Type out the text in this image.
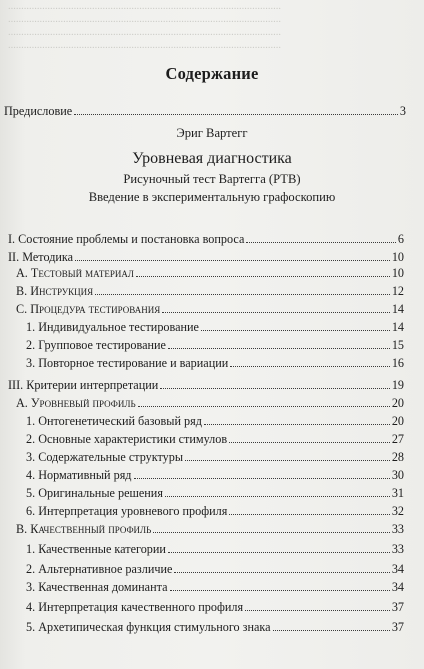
........................................................................................................
........................................................................................................
........................................................................................................
........................................................................................................
Содержание
Предисловие	3

Эриг Вартегг

Уровневая диагностика

Рисуночный тест Вартегга (РТВ)

Введение в экспериментальную графоскопию

I. Состояние проблемы и постановка вопроса	6
II. Методика	10
А. Тестовый материал	10
В. Инструкция	12
С. Процедура тестирования	14
1. Индивидуальное тестирование	14
2. Групповое тестирование	15
3. Повторное тестирование и вариации	16
III. Критерии интерпретации	19
А. Уровневый профиль	20
1. Онтогенетический базовый ряд	20
2. Основные характеристики стимулов	27
3. Содержательные структуры	28
4. Нормативный ряд	30
5. Оригинальные решения	31
6. Интерпретация уровневого профиля	32
В. Качественный профиль	33
1. Качественные категории	33
2. Альтернативное различие	34
3. Качественная доминанта	34
4. Интерпретация качественного профиля	37
5. Архетипическая функция стимульного знака	37
